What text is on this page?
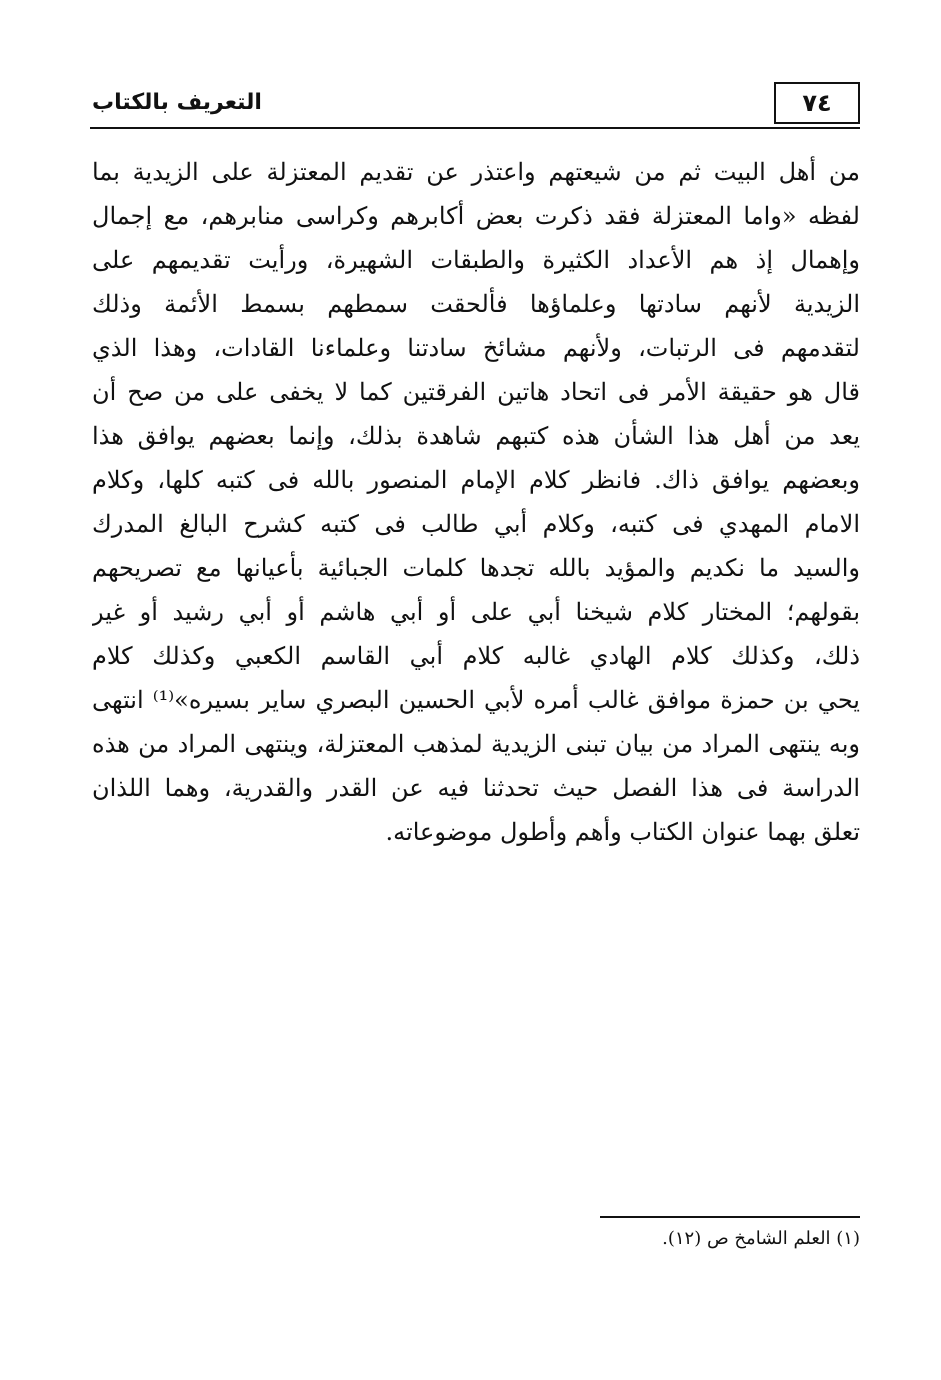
التعريف بالكتاب	٧٤
من أهل البيت ثم من شيعتهم واعتذر عن تقديم المعتزلة على الزيدية بما
لفظه «واما المعتزلة فقد ذكرت بعض أكابرهم وكراسى منابرهم، مع إجمال
وإهمال إذ هم الأعداد الكثيرة والطبقات الشهيرة، ورأيت تقديمهم على
الزيدية لأنهم سادتها وعلماؤها فألحقت سمطهم بسمط الأئمة وذلك
لتقدمهم فى الرتبات، ولأنهم مشائخ سادتنا وعلماءنا القادات، وهذا الذي
قال هو حقيقة الأمر فى اتحاد هاتين الفرقتين كما لا يخفى على من صح أن
يعد من أهل هذا الشأن هذه كتبهم شاهدة بذلك، وإنما بعضهم يوافق هذا
وبعضهم يوافق ذاك. فانظر كلام الإمام المنصور بالله فى كتبه كلها، وكلام
الامام المهدي فى كتبه، وكلام أبي طالب فى كتبه كشرح البالغ المدرك
والسيد ما نكديم والمؤيد بالله تجدها كلمات الجبائية بأعيانها مع تصريحهم
بقولهم؛ المختار كلام شيخنا أبي على أو أبي هاشم أو أبي رشيد أو غير
ذلك، وكذلك كلام الهادي غالبه كلام أبي القاسم الكعبي وكذلك كلام
يحي بن حمزة موافق غالب أمره لأبي الحسين البصري ساير بسيره»⁽¹⁾ انتهى
وبه ينتهى المراد من بيان تبنى الزيدية لمذهب المعتزلة، وينتهى المراد من هذه
الدراسة فى هذا الفصل حيث تحدثنا فيه عن القدر والقدرية، وهما اللذان
تعلق بهما عنوان الكتاب وأهم وأطول موضوعاته.
(١) العلم الشامخ ص (١٢).
